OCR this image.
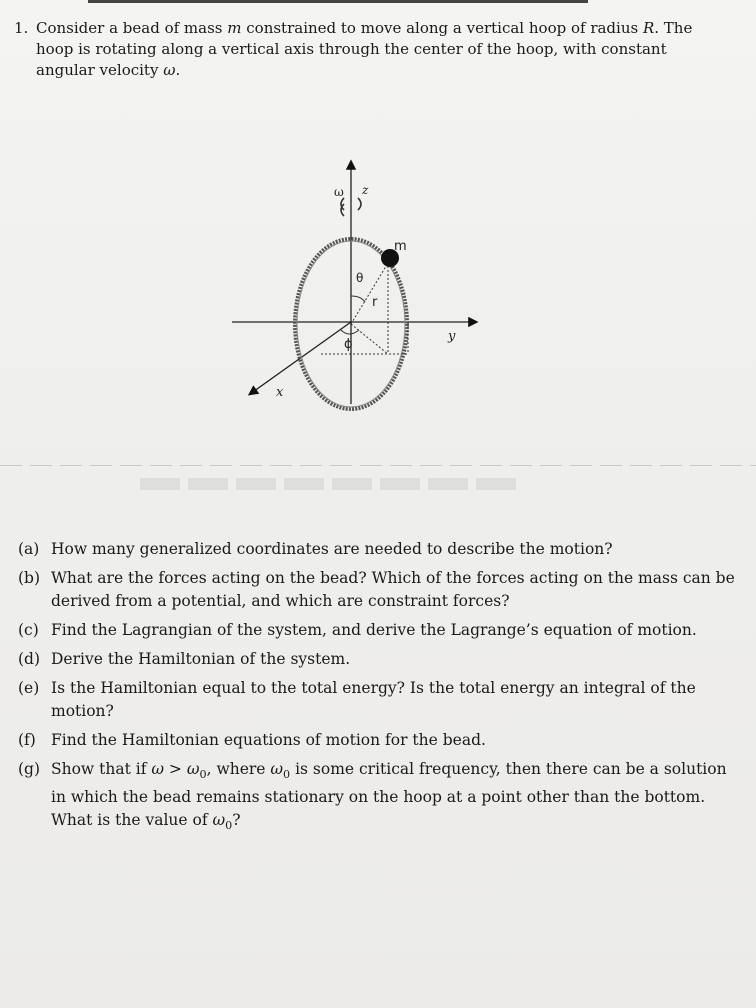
1. Consider a bead of mass m constrained to move along a vertical hoop of radius R. The hoop is rotating along a vertical axis through the center of the hoop, with constant angular velocity ω.
z
ω
m
θ
r
ϕ
y
x
(a) How many generalized coordinates are needed to describe the motion?
(b) What are the forces acting on the bead? Which of the forces acting on the mass can be derived from a potential, and which are constraint forces?
(c) Find the Lagrangian of the system, and derive the Lagrange’s equation of motion.
(d) Derive the Hamiltonian of the system.
(e) Is the Hamiltonian equal to the total energy? Is the total energy an integral of the motion?
(f) Find the Hamiltonian equations of motion for the bead.
(g) Show that if $\omega > \omega_0$, where $\omega_0$ is some critical frequency, then there can be a solution in which the bead remains stationary on the hoop at a point other than the bottom. What is the value of $\omega_0$?
